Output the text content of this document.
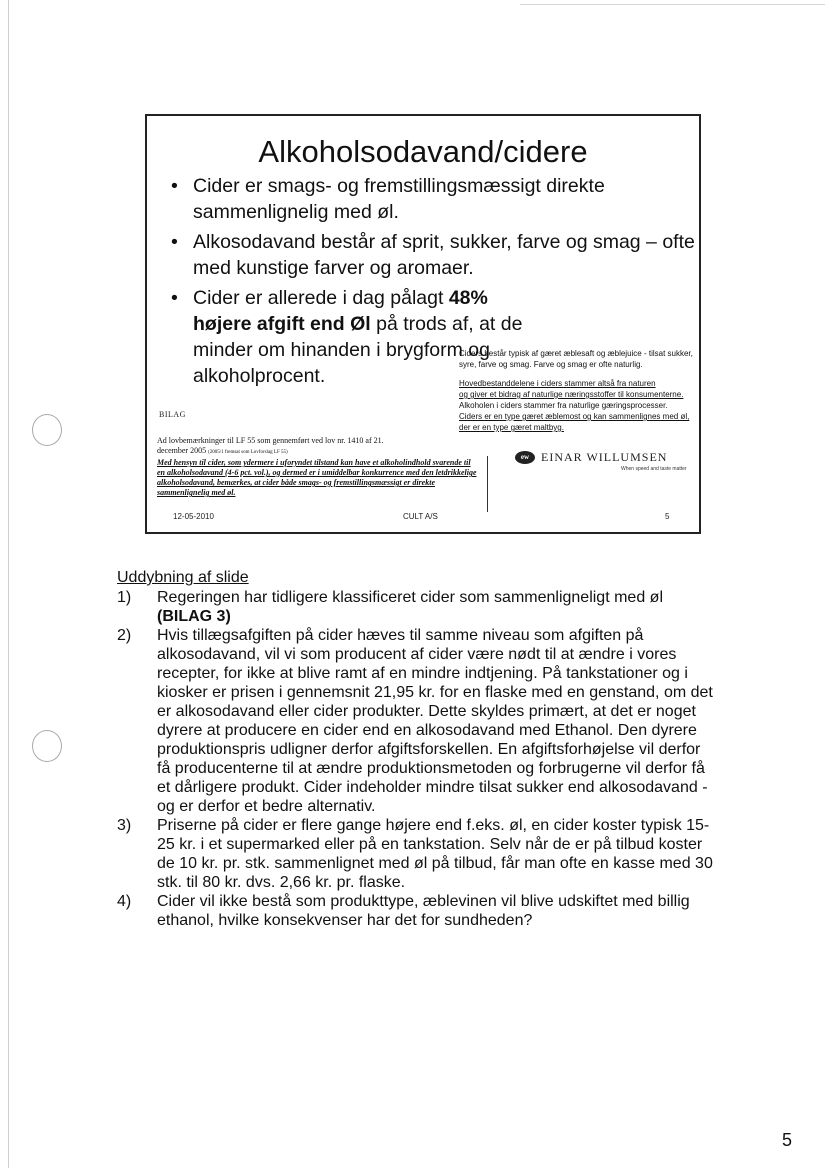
Alkoholsodavand/cidere
• Cider er smags- og fremstillingsmæssigt direkte sammenlignelig med øl.
• Alkosodavand består af sprit, sukker, farve og smag – ofte med kunstige farver og aromaer.
• Cider er allerede i dag pålagt 48% højere afgift end Øl på trods af, at de minder om hinanden i brygform og alkoholprocent.

Ciders består typisk af gæret æblesaft og æblejuice - tilsat sukker, syre, farve og smag. Farve og smag er ofte naturlig.

Hovedbestanddelene i ciders stammer altså fra naturen
og giver et bidrag af naturlige næringsstoffer til konsumenterne.
Alkoholen i ciders stammer fra naturlige gæringsprocesser.
Ciders er en type gæret æblemost og kan sammenlignes med øl,
der er en type gæret maltbyg.

BILAG
Ad lovbemærkninger til LF 55 som gennemført ved lov nr. 1410 af 21.
december 2005 (2005/1 fremsat som Lovforslag LF 55)
Med hensyn til cider, som ydermere i uforyndet tilstand kan have et alkoholindhold svarende til en alkoholsodavand (4-6 pct. vol.), og dermed er i umiddelbar konkurrence med den letdrikkelige alkoholsodavand, bemærkes, at cider både smags- og fremstillingsmæssigt er direkte sammenlignelig med øl.
ew EINAR WILLUMSEN
When speed and taste matter
12-05-2010	CULT A/S	5
Uddybning af slide
1) Regeringen har tidligere klassificeret cider som sammenligneligt med øl (BILAG 3)
2) Hvis tillægsafgiften på cider hæves til samme niveau som afgiften på alkosodavand, vil vi som producent af cider være nødt til at ændre i vores recepter, for ikke at blive ramt af en mindre indtjening. På tankstationer og i kiosker er prisen i gennemsnit 21,95 kr. for en flaske med en genstand, om det er alkosodavand eller cider produkter. Dette skyldes primært, at det er noget dyrere at producere en cider end en alkosodavand med Ethanol. Den dyrere produktionspris udligner derfor afgiftsforskellen. En afgiftsforhøjelse vil derfor få producenterne til at ændre produktionsmetoden og forbrugerne vil derfor få et dårligere produkt. Cider indeholder mindre tilsat sukker end alkosodavand - og er derfor et bedre alternativ.
3) Priserne på cider er flere gange højere end f.eks. øl, en cider koster typisk 15-25 kr. i et supermarked eller på en tankstation. Selv når de er på tilbud koster de 10 kr. pr. stk. sammenlignet med øl på tilbud, får man ofte en kasse med 30 stk. til 80 kr. dvs. 2,66 kr. pr. flaske.
4) Cider vil ikke bestå som produkttype, æblevinen vil blive udskiftet med billig ethanol, hvilke konsekvenser har det for sundheden?
5
